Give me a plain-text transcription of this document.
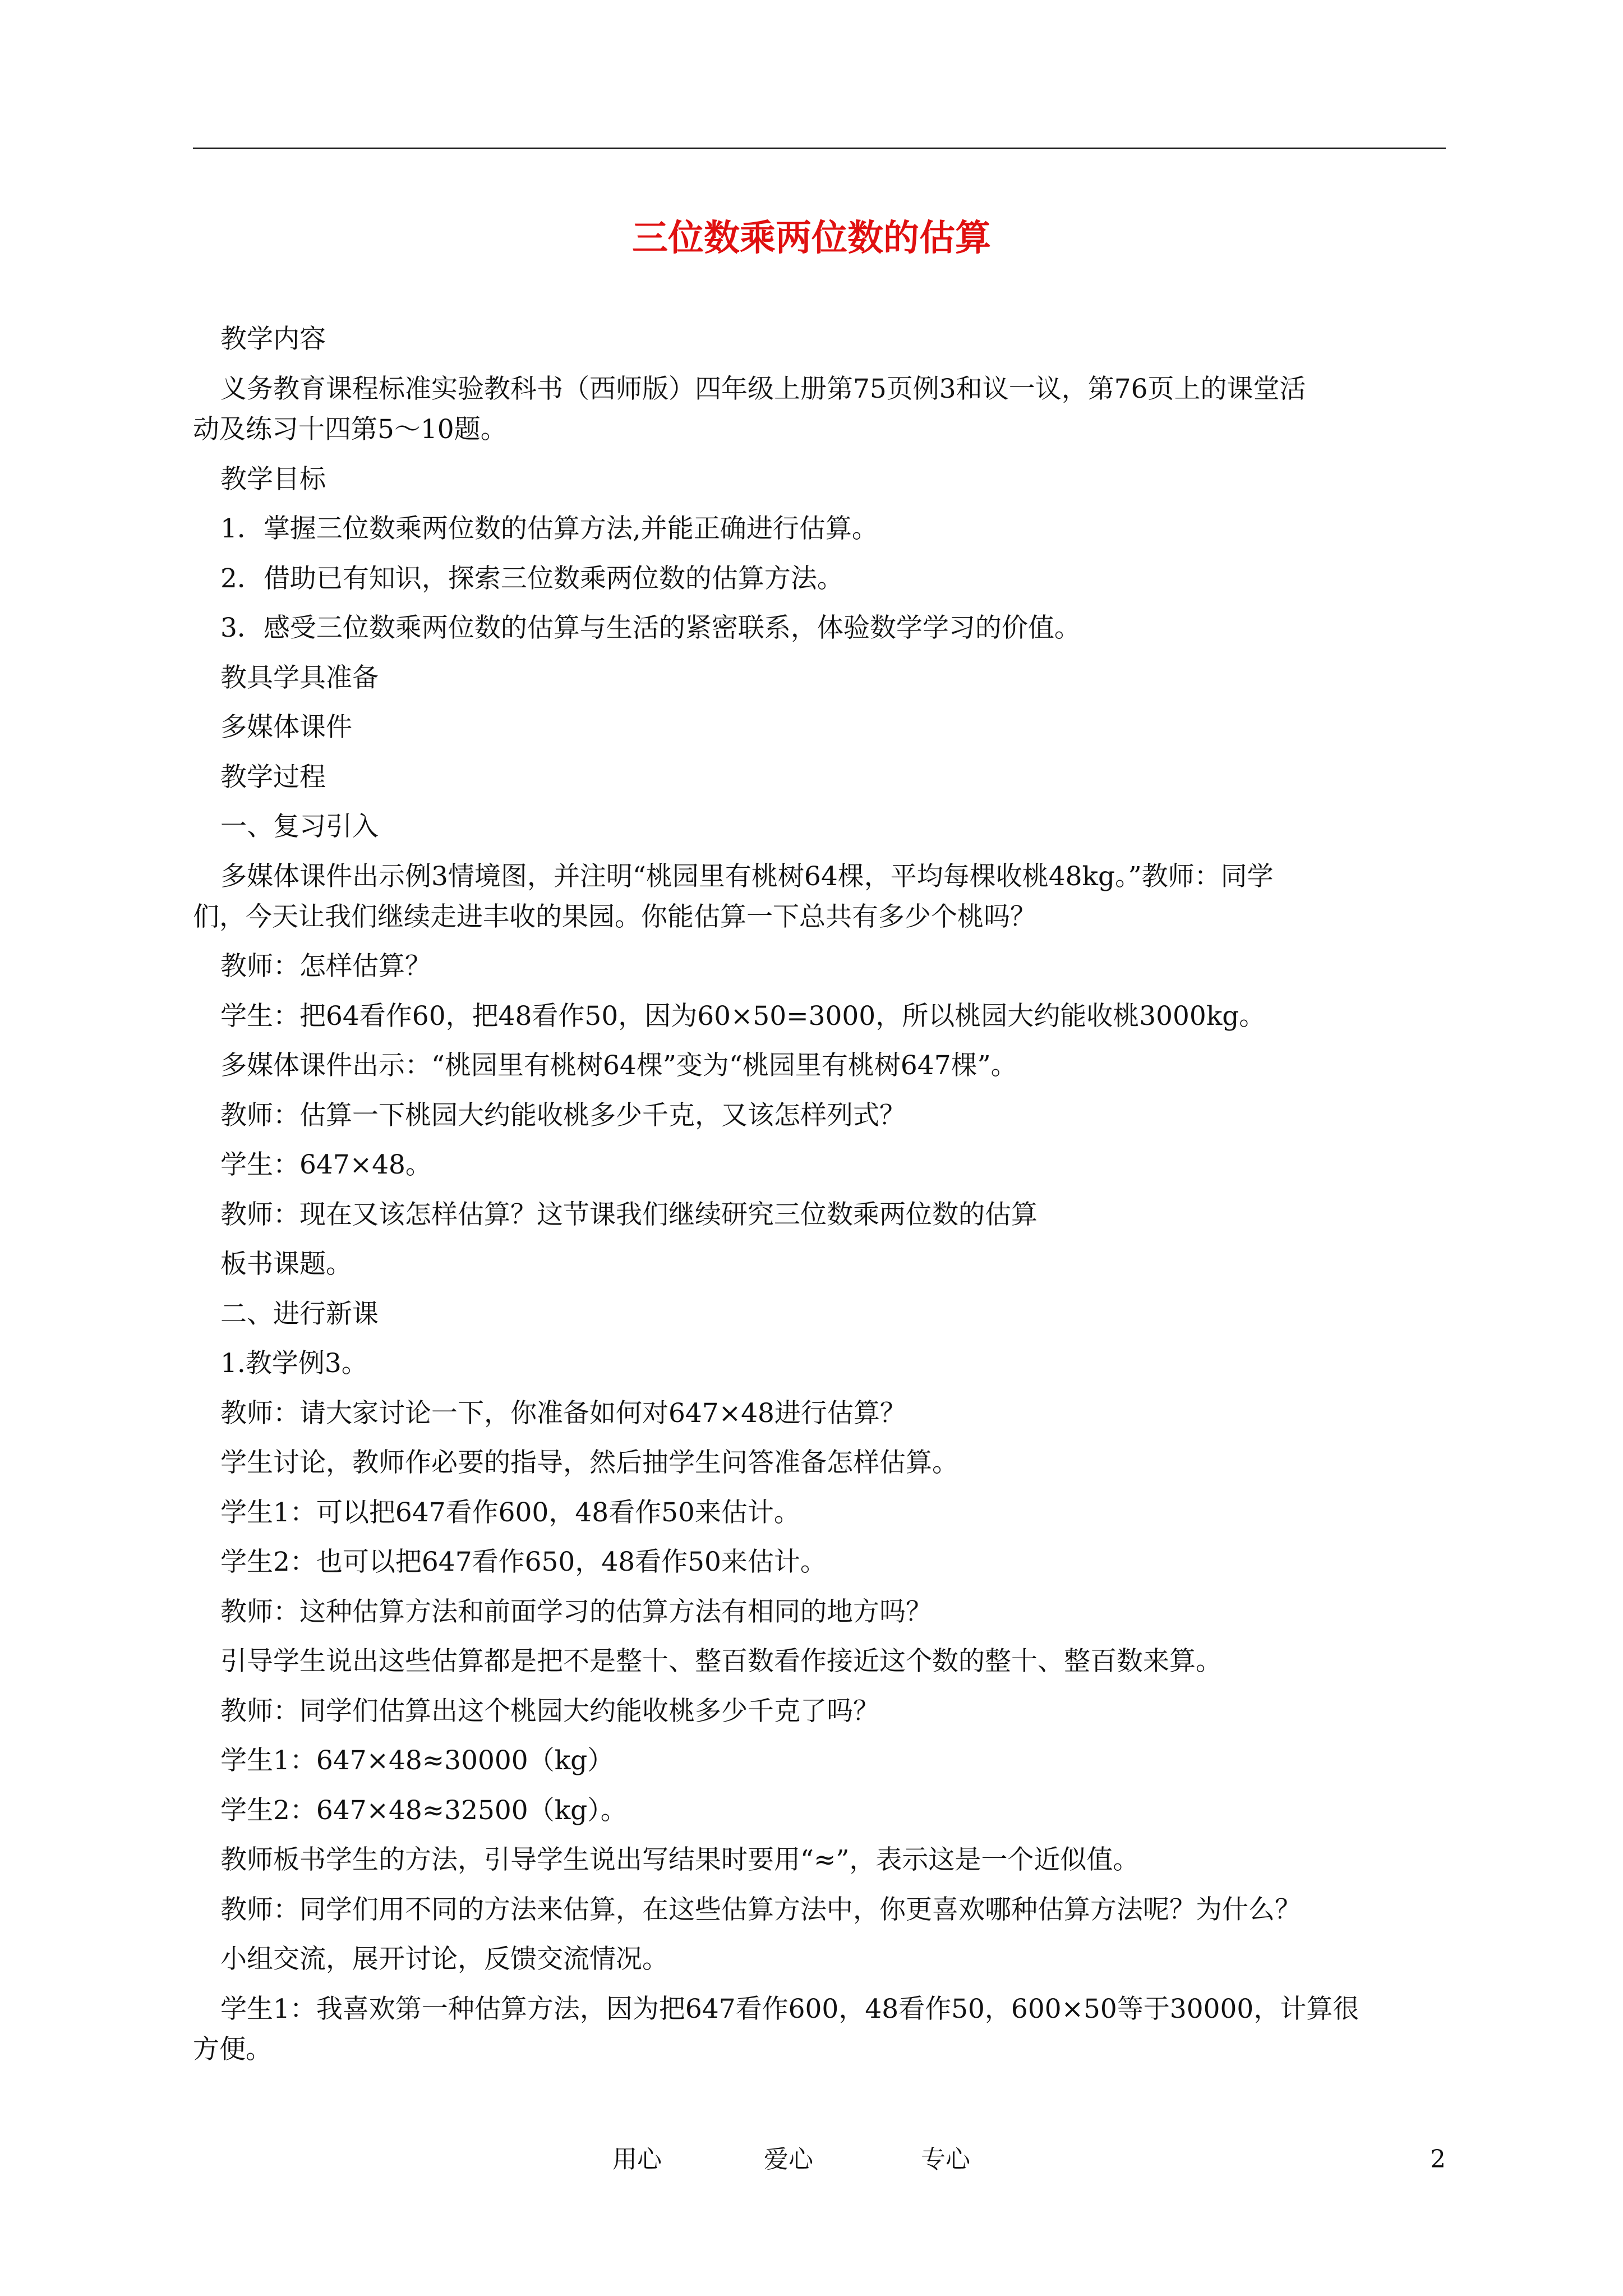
三位数乘两位数的估算
教学内容
义务教育课程标准实验教科书（西师版）四年级上册第75页例3和议一议，第76页上的课堂活
动及练习十四第5～10题。
教学目标
1．掌握三位数乘两位数的估算方法,并能正确进行估算。
2．借助已有知识，探索三位数乘两位数的估算方法。
3．感受三位数乘两位数的估算与生活的紧密联系，体验数学学习的价值。
教具学具准备
多媒体课件
教学过程
一、复习引入
多媒体课件出示例3情境图，并注明“桃园里有桃树64棵，平均每棵收桃48kg。”教师：同学
们，今天让我们继续走进丰收的果园。你能估算一下总共有多少个桃吗？
教师：怎样估算？
学生：把64看作60，把48看作50，因为60×50=3000，所以桃园大约能收桃3000kg。
多媒体课件出示：“桃园里有桃树64棵”变为“桃园里有桃树647棵”。
教师：估算一下桃园大约能收桃多少千克，又该怎样列式？
学生：647×48。
教师：现在又该怎样估算？这节课我们继续研究三位数乘两位数的估算
板书课题。
二、进行新课
1.教学例3。
教师：请大家讨论一下，你准备如何对647×48进行估算？
学生讨论，教师作必要的指导，然后抽学生问答准备怎样估算。
学生1：可以把647看作600，48看作50来估计。
学生2：也可以把647看作650，48看作50来估计。
教师：这种估算方法和前面学习的估算方法有相同的地方吗？
引导学生说出这些估算都是把不是整十、整百数看作接近这个数的整十、整百数来算。
教师：同学们估算出这个桃园大约能收桃多少千克了吗？
学生1：647×48≈30000（kg）
学生2：647×48≈32500（kg）。
教师板书学生的方法，引导学生说出写结果时要用“≈”，表示这是一个近似值。
教师：同学们用不同的方法来估算，在这些估算方法中，你更喜欢哪种估算方法呢？为什么？
小组交流，展开讨论，反馈交流情况。
学生1：我喜欢第一种估算方法，因为把647看作600，48看作50，600×50等于30000，计算很
方便。
用心	爱心	专心	2
